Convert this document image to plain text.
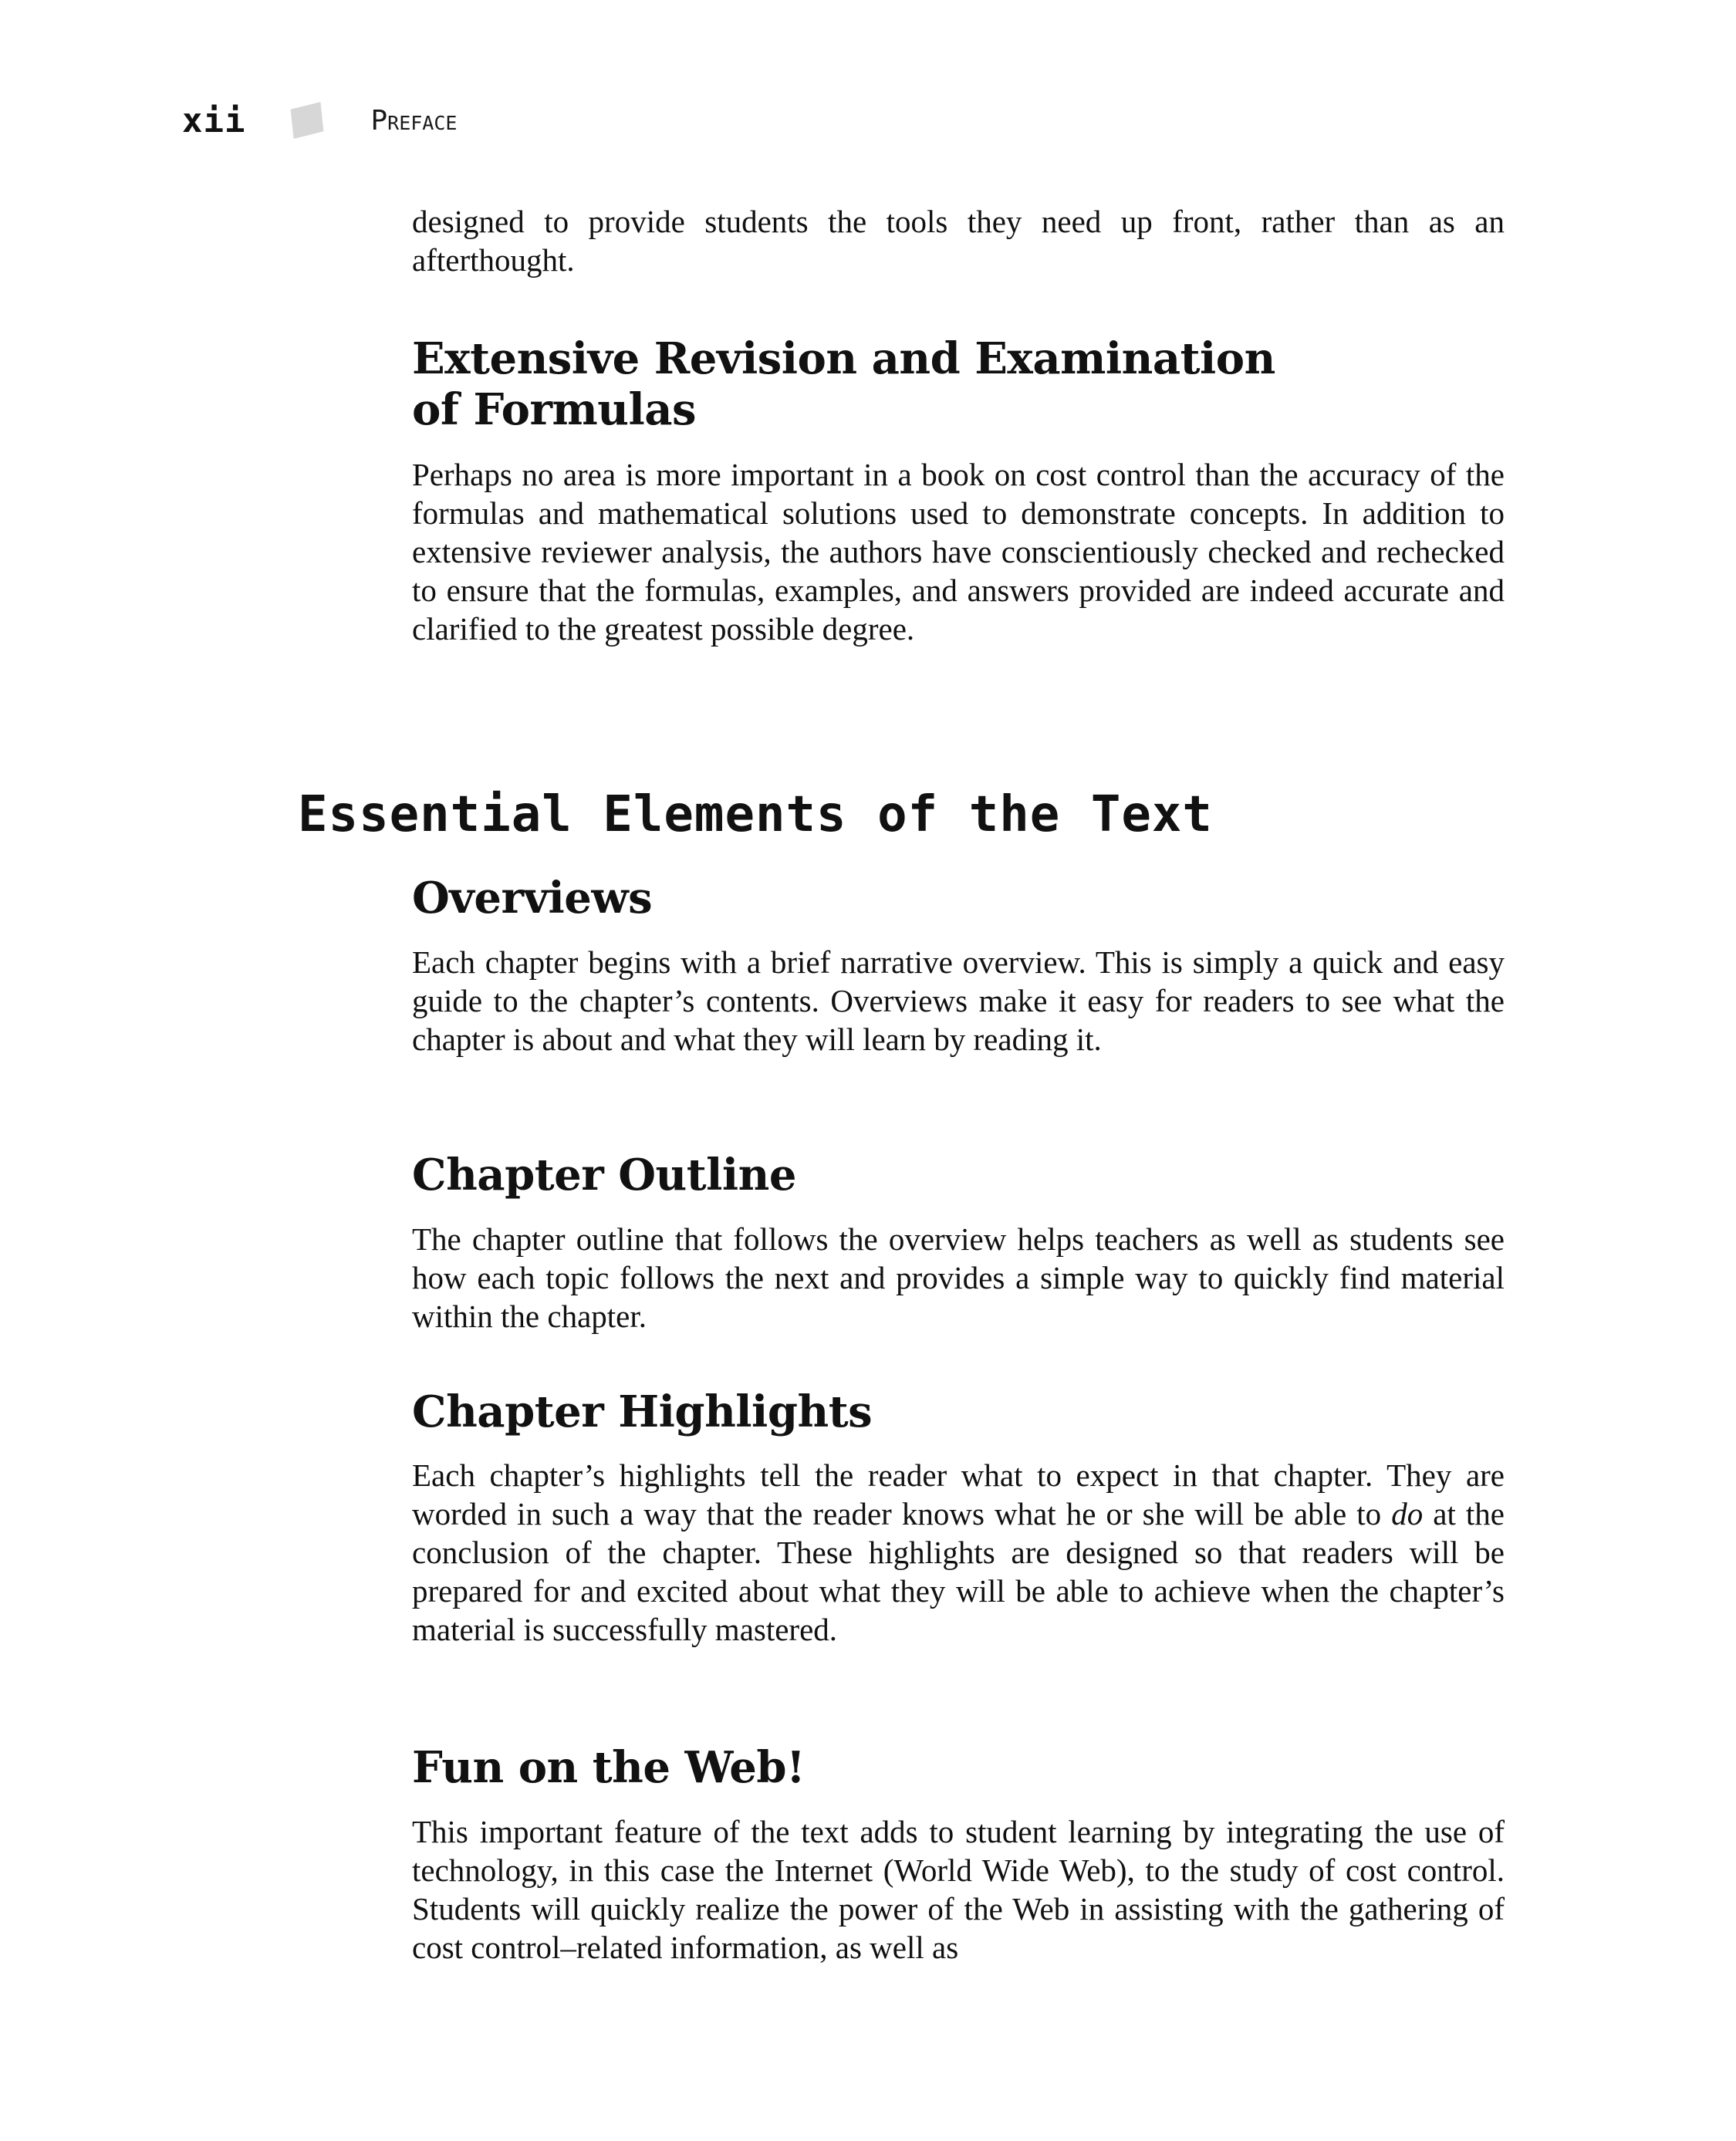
xii	Preface

designed to provide students the tools they need up front, rather than as an afterthought.

Extensive Revision and Examination
of Formulas

Perhaps no area is more important in a book on cost control than the accuracy of the formulas and mathematical solutions used to demonstrate concepts. In addition to extensive reviewer analysis, the authors have conscientiously checked and rechecked to ensure that the formulas, examples, and answers provided are indeed accurate and clarified to the greatest possible degree.

Essential Elements of the Text
Overviews

Each chapter begins with a brief narrative overview. This is simply a quick and easy guide to the chapter’s contents. Overviews make it easy for readers to see what the chapter is about and what they will learn by reading it.

Chapter Outline

The chapter outline that follows the overview helps teachers as well as students see how each topic follows the next and provides a simple way to quickly find material within the chapter.

Chapter Highlights

Each chapter’s highlights tell the reader what to expect in that chapter. They are worded in such a way that the reader knows what he or she will be able to do at the conclusion of the chapter. These highlights are designed so that readers will be prepared for and excited about what they will be able to achieve when the chapter’s material is successfully mastered.

Fun on the Web!

This important feature of the text adds to student learning by integrating the use of technology, in this case the Internet (World Wide Web), to the study of cost control. Students will quickly realize the power of the Web in assisting with the gathering of cost control–related information, as well as
